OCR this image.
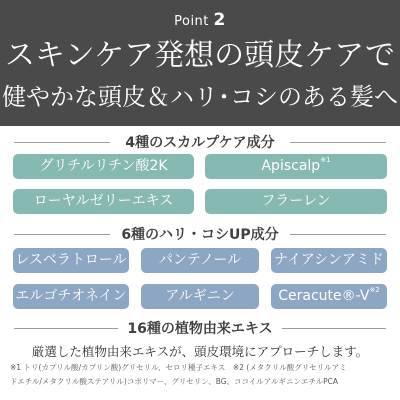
Point 2
スキンケア発想の頭皮ケアで
健やかな頭皮＆ハリ･コシのある髪へ
4種のスカルプケア成分
グリチルリチン酸2K	Apiscalp$^{※1}$
ローヤルゼリーエキス	フラーレン
6種のハリ・コシUP成分
レスベラトロール	パンテノール	ナイアシンアミド
エルゴチオネイン	アルギニン	$Ceracute®-V^{※2}$
16種の植物由来エキス
厳選した植物由来エキスが、頭皮環境にアプローチします。
※1 トリ(カプリル酸/カプリン酸)グリセリル、セロリ種子エキス　※2 (メタクリル酸グリセリルアミ
ドエチル/メタクリル酸ステアリル)コポリマー、グリセリン、BG、ココイルアルギニンエチルPCA
